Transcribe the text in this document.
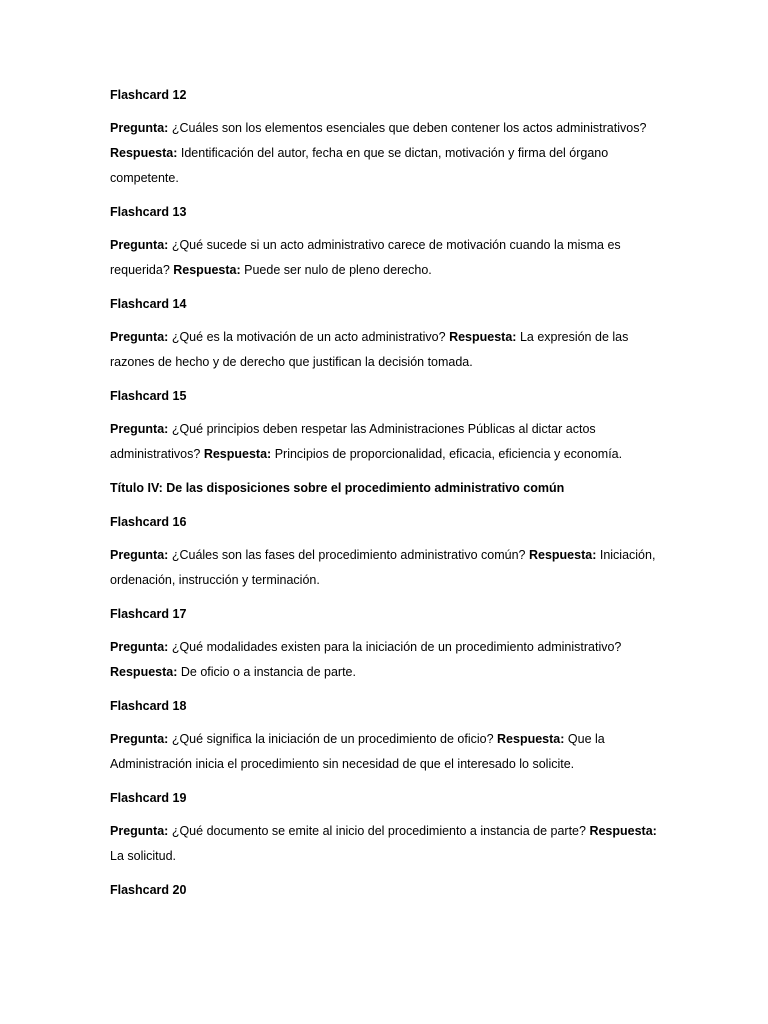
Flashcard 12
Pregunta: ¿Cuáles son los elementos esenciales que deben contener los actos administrativos? Respuesta: Identificación del autor, fecha en que se dictan, motivación y firma del órgano competente.
Flashcard 13
Pregunta: ¿Qué sucede si un acto administrativo carece de motivación cuando la misma es requerida? Respuesta: Puede ser nulo de pleno derecho.
Flashcard 14
Pregunta: ¿Qué es la motivación de un acto administrativo? Respuesta: La expresión de las razones de hecho y de derecho que justifican la decisión tomada.
Flashcard 15
Pregunta: ¿Qué principios deben respetar las Administraciones Públicas al dictar actos administrativos? Respuesta: Principios de proporcionalidad, eficacia, eficiencia y economía.
Título IV: De las disposiciones sobre el procedimiento administrativo común
Flashcard 16
Pregunta: ¿Cuáles son las fases del procedimiento administrativo común? Respuesta: Iniciación, ordenación, instrucción y terminación.
Flashcard 17
Pregunta: ¿Qué modalidades existen para la iniciación de un procedimiento administrativo? Respuesta: De oficio o a instancia de parte.
Flashcard 18
Pregunta: ¿Qué significa la iniciación de un procedimiento de oficio? Respuesta: Que la Administración inicia el procedimiento sin necesidad de que el interesado lo solicite.
Flashcard 19
Pregunta: ¿Qué documento se emite al inicio del procedimiento a instancia de parte? Respuesta: La solicitud.
Flashcard 20
